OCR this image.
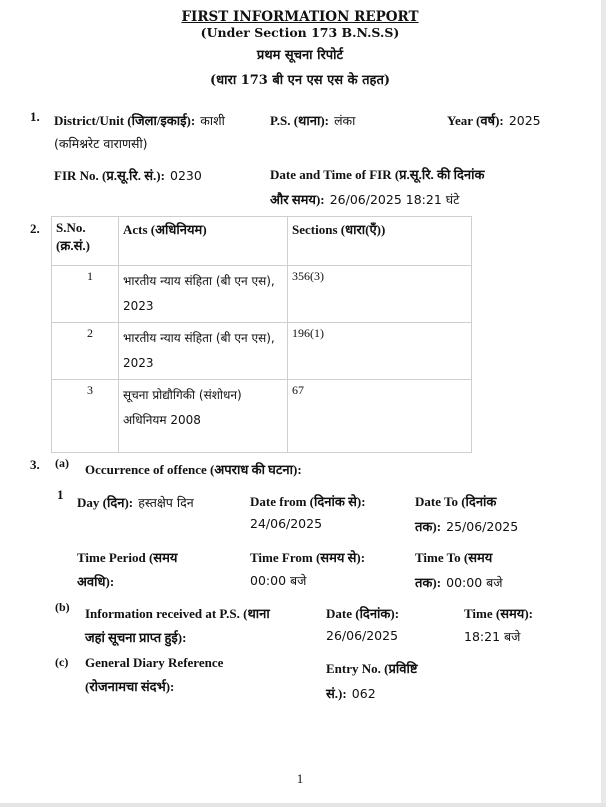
FIRST INFORMATION REPORT
(Under Section 173 B.N.S.S)
प्रथम सूचना रिपोर्ट
(धारा 173 बी एन एस एस के तहत)
1. District/Unit (जिला/इकाई): काशी
(कमिश्नरेट वाराणसी)
P.S. (थाना): लंका	Year (वर्ष): 2025
FIR No. (प्र.सू.रि. सं.): 0230	Date and Time of FIR (प्र.सू.रि. की दिनांक
और समय): 26/06/2025 18:21 घंटे
2. S.No.
(क्र.सं.)	Acts (अधिनियम)	Sections (धारा(एँ))

1	भारतीय न्याय संहिता (बी एन एस), 2023	356(3)

2	भारतीय न्याय संहिता (बी एन एस), 2023	196(1)

3	सूचना प्रोद्यौगिकी (संशोधन) अधिनियम 2008	67
3. (a) Occurrence of offence (अपराध की घटना):
1
Day (दिन): हस्तक्षेप दिन	Date from (दिनांक से):
24/06/2025
Date To (दिनांक
तक): 25/06/2025
Time Period (समय
अवधि):
Time From (समय से):
00:00 बजे
Time To (समय
तक): 00:00 बजे
(b) Information received at P.S. (थाना
जहां सूचना प्राप्त हुई):
Date (दिनांक):
26/06/2025
Time (समय):
18:21 बजे
(c) General Diary Reference
(रोजनामचा संदर्भ):
Entry No. (प्रविष्टि
सं.): 062
1
